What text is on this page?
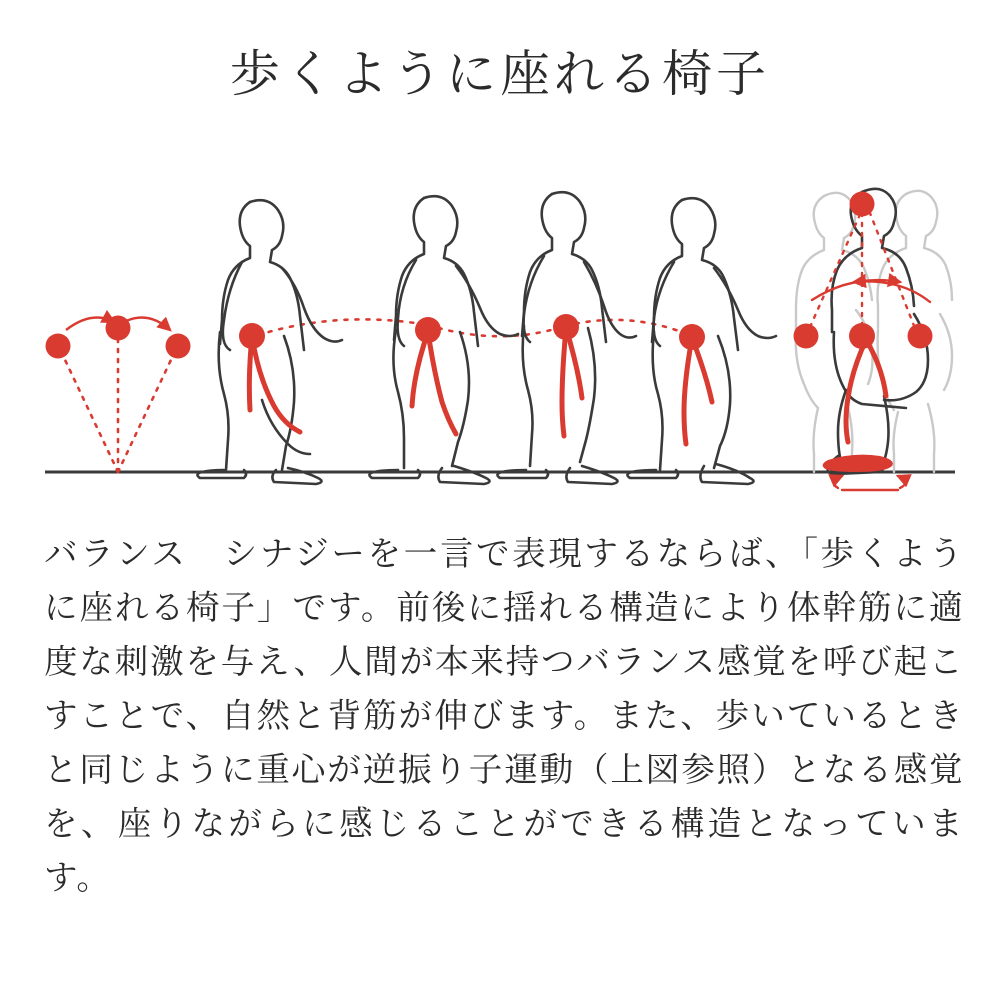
歩くように座れる椅子
バランス　シナジーを一言で表現するならば、「歩くように座れる椅子」です。前後に揺れる構造により体幹筋に適度な刺激を与え、人間が本来持つバランス感覚を呼び起こすことで、自然と背筋が伸びます。また、歩いているときと同じように重心が逆振り子運動（上図参照）となる感覚を、座りながらに感じることができる構造となっています。
